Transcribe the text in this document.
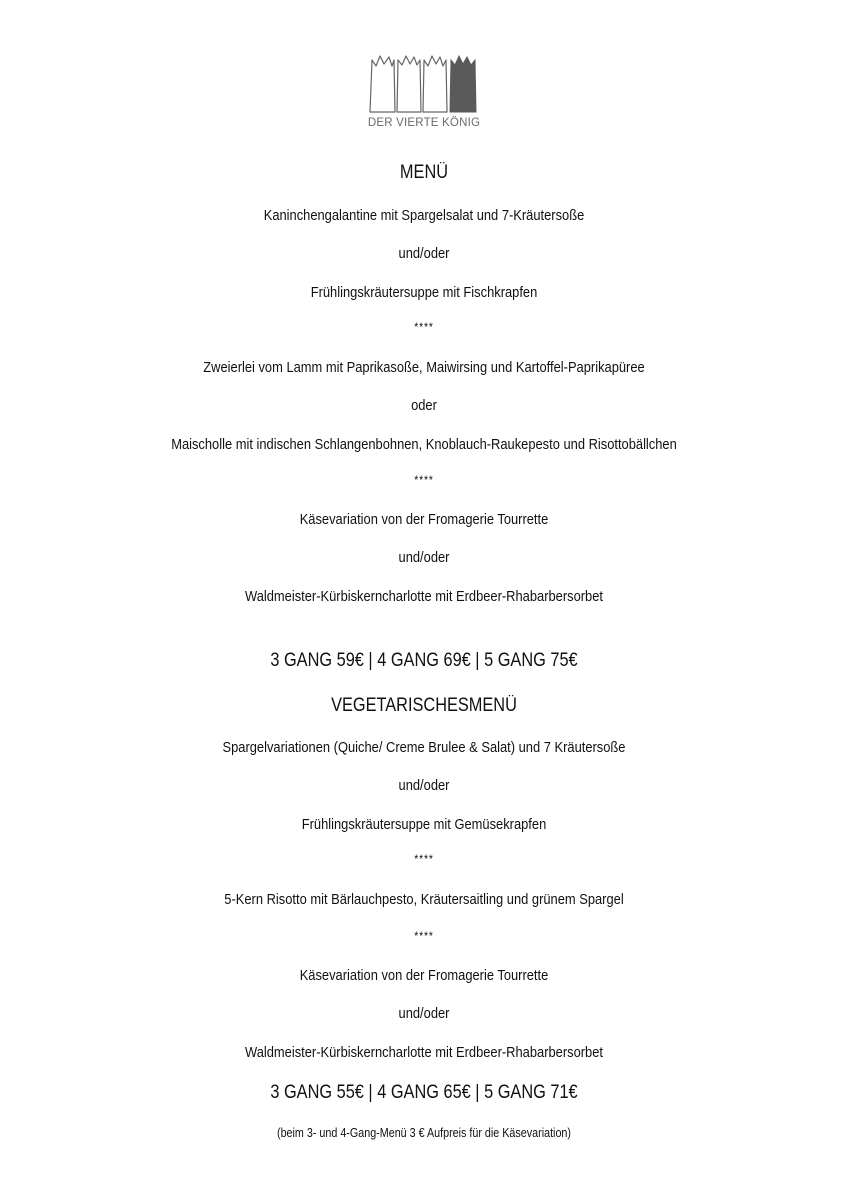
DER VIERTE KÖNIG
MENÜ
Kaninchengalantine mit Spargelsalat und 7-Kräutersoße
und/oder
Frühlingskräutersuppe mit Fischkrapfen
****
Zweierlei vom Lamm mit Paprikasoße, Maiwirsing und Kartoffel-Paprikapüree
oder
Maischolle mit indischen Schlangenbohnen, Knoblauch-Raukepesto und Risottobällchen
****
Käsevariation von der Fromagerie Tourrette
und/oder
Waldmeister-Kürbiskerncharlotte mit Erdbeer-Rhabarbersorbet
3 GANG 59€ | 4 GANG 69€ | 5 GANG 75€
VEGETARISCHESMENÜ
Spargelvariationen (Quiche/ Creme Brulee & Salat) und 7 Kräutersoße
und/oder
Frühlingskräutersuppe mit Gemüsekrapfen
****
5-Kern Risotto mit Bärlauchpesto, Kräutersaitling und grünem Spargel
****
Käsevariation von der Fromagerie Tourrette
und/oder
Waldmeister-Kürbiskerncharlotte mit Erdbeer-Rhabarbersorbet
3 GANG 55€ | 4 GANG 65€ | 5 GANG 71€
(beim 3- und 4-Gang-Menü 3 € Aufpreis für die Käsevariation)
